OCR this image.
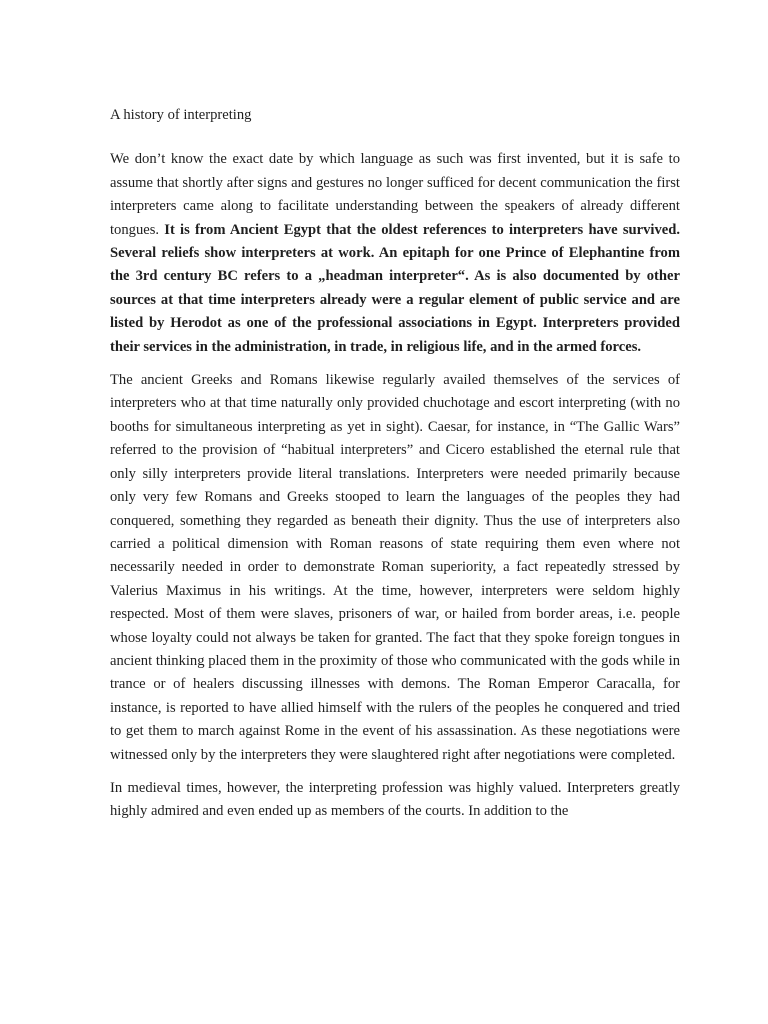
A history of interpreting

We don’t know the exact date by which language as such was first invented, but it is safe to assume that shortly after signs and gestures no longer sufficed for decent communication the first interpreters came along to facilitate understanding between the speakers of already different tongues. It is from Ancient Egypt that the oldest references to interpreters have survived. Several reliefs show interpreters at work. An epitaph for one Prince of Elephantine from the 3rd century BC refers to a „headman interpreter“. As is also documented by other sources at that time interpreters already were a regular element of public service and are listed by Herodot as one of the professional associations in Egypt. Interpreters provided their services in the administration, in trade, in religious life, and in the armed forces.

The ancient Greeks and Romans likewise regularly availed themselves of the services of interpreters who at that time naturally only provided chuchotage and escort interpreting (with no booths for simultaneous interpreting as yet in sight). Caesar, for instance, in “The Gallic Wars” referred to the provision of “habitual interpreters” and Cicero established the eternal rule that only silly interpreters provide literal translations. Interpreters were needed primarily because only very few Romans and Greeks stooped to learn the languages of the peoples they had conquered, something they regarded as beneath their dignity. Thus the use of interpreters also carried a political dimension with Roman reasons of state requiring them even where not necessarily needed in order to demonstrate Roman superiority, a fact repeatedly stressed by Valerius Maximus in his writings. At the time, however, interpreters were seldom highly respected. Most of them were slaves, prisoners of war, or hailed from border areas, i.e. people whose loyalty could not always be taken for granted. The fact that they spoke foreign tongues in ancient thinking placed them in the proximity of those who communicated with the gods while in trance or of healers discussing illnesses with demons. The Roman Emperor Caracalla, for instance, is reported to have allied himself with the rulers of the peoples he conquered and tried to get them to march against Rome in the event of his assassination. As these negotiations were witnessed only by the interpreters they were slaughtered right after negotiations were completed.

In medieval times, however, the interpreting profession was highly valued. Interpreters greatly highly admired and even ended up as members of the courts. In addition to the
